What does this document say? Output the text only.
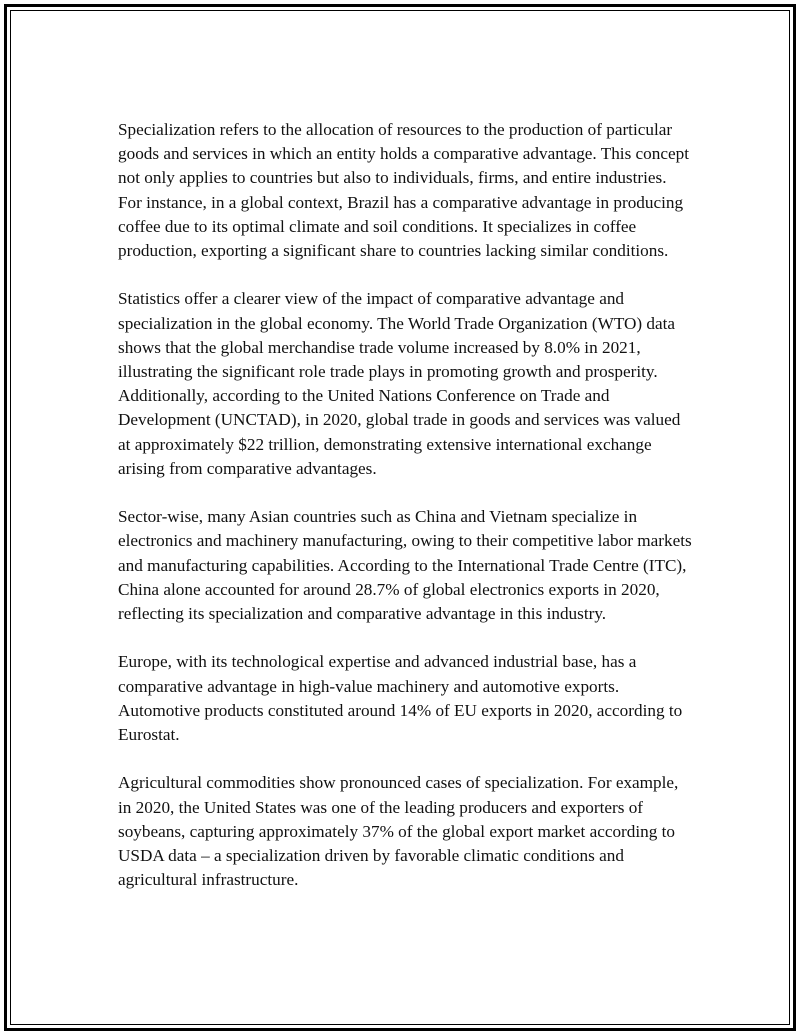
Specialization refers to the allocation of resources to the production of particular goods and services in which an entity holds a comparative advantage. This concept not only applies to countries but also to individuals, firms, and entire industries. For instance, in a global context, Brazil has a comparative advantage in producing coffee due to its optimal climate and soil conditions. It specializes in coffee production, exporting a significant share to countries lacking similar conditions.

Statistics offer a clearer view of the impact of comparative advantage and specialization in the global economy. The World Trade Organization (WTO) data shows that the global merchandise trade volume increased by 8.0% in 2021, illustrating the significant role trade plays in promoting growth and prosperity. Additionally, according to the United Nations Conference on Trade and Development (UNCTAD), in 2020, global trade in goods and services was valued at approximately $22 trillion, demonstrating extensive international exchange arising from comparative advantages.

Sector-wise, many Asian countries such as China and Vietnam specialize in electronics and machinery manufacturing, owing to their competitive labor markets and manufacturing capabilities. According to the International Trade Centre (ITC), China alone accounted for around 28.7% of global electronics exports in 2020, reflecting its specialization and comparative advantage in this industry.

Europe, with its technological expertise and advanced industrial base, has a comparative advantage in high-value machinery and automotive exports. Automotive products constituted around 14% of EU exports in 2020, according to Eurostat.

Agricultural commodities show pronounced cases of specialization. For example, in 2020, the United States was one of the leading producers and exporters of soybeans, capturing approximately 37% of the global export market according to USDA data – a specialization driven by favorable climatic conditions and agricultural infrastructure.
